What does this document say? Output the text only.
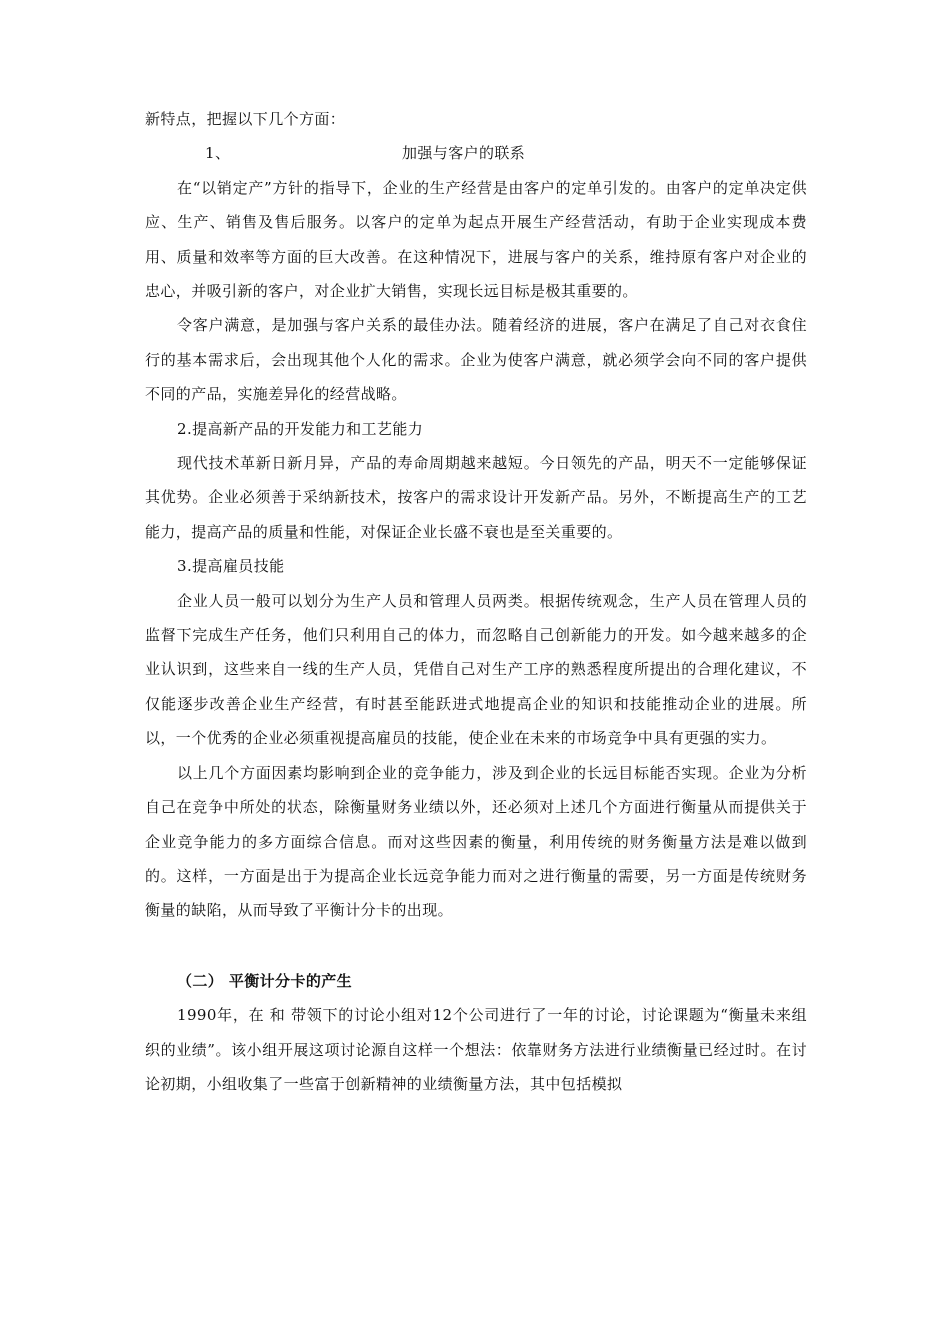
新特点，把握以下几个方面：

1、	加强与客户的联系

在“以销定产”方针的指导下，企业的生产经营是由客户的定单引发的。由客户的定单决定供应、生产、销售及售后服务。以客户的定单为起点开展生产经营活动，有助于企业实现成本费用、质量和效率等方面的巨大改善。在这种情况下，进展与客户的关系，维持原有客户对企业的忠心，并吸引新的客户，对企业扩大销售，实现长远目标是极其重要的。

令客户满意，是加强与客户关系的最佳办法。随着经济的进展，客户在满足了自己对衣食住行的基本需求后，会出现其他个人化的需求。企业为使客户满意，就必须学会向不同的客户提供不同的产品，实施差异化的经营战略。

2.提高新产品的开发能力和工艺能力

现代技术革新日新月异，产品的寿命周期越来越短。今日领先的产品，明天不一定能够保证其优势。企业必须善于采纳新技术，按客户的需求设计开发新产品。另外，不断提高生产的工艺能力，提高产品的质量和性能，对保证企业长盛不衰也是至关重要的。

3.提高雇员技能

企业人员一般可以划分为生产人员和管理人员两类。根据传统观念，生产人员在管理人员的监督下完成生产任务，他们只利用自己的体力，而忽略自己创新能力的开发。如今越来越多的企业认识到，这些来自一线的生产人员，凭借自己对生产工序的熟悉程度所提出的合理化建议，不仅能逐步改善企业生产经营，有时甚至能跃进式地提高企业的知识和技能推动企业的进展。所以，一个优秀的企业必须重视提高雇员的技能，使企业在未来的市场竞争中具有更强的实力。

以上几个方面因素均影响到企业的竞争能力，涉及到企业的长远目标能否实现。企业为分析自己在竞争中所处的状态，除衡量财务业绩以外，还必须对上述几个方面进行衡量从而提供关于企业竞争能力的多方面综合信息。而对这些因素的衡量，利用传统的财务衡量方法是难以做到的。这样，一方面是出于为提高企业长远竞争能力而对之进行衡量的需要，另一方面是传统财务衡量的缺陷，从而导致了平衡计分卡的出现。

（二） 平衡计分卡的产生

1990年，在 和 带领下的讨论小组对12个公司进行了一年的讨论，讨论课题为“衡量未来组织的业绩”。该小组开展这项讨论源自这样一个想法：依靠财务方法进行业绩衡量已经过时。在讨论初期，小组收集了一些富于创新精神的业绩衡量方法，其中包括模拟
